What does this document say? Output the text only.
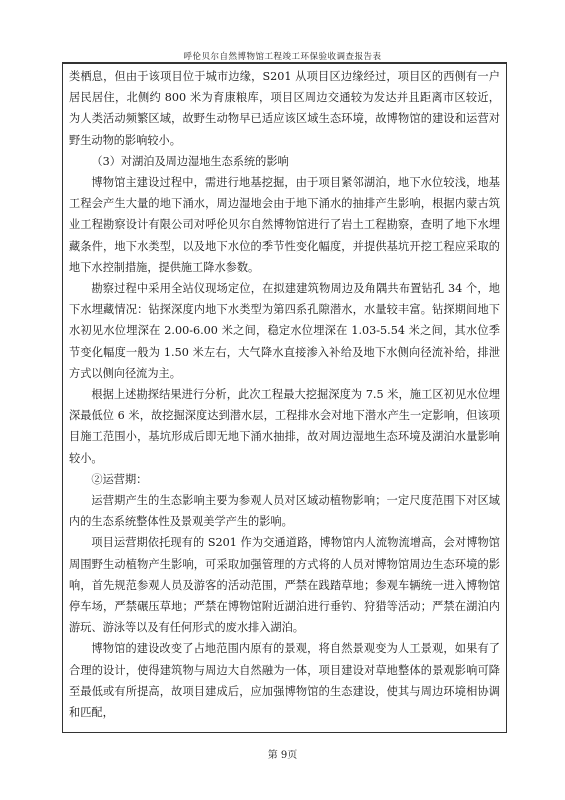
呼伦贝尔自然博物馆工程竣工环保验收调查报告表

类栖息，但由于该项目位于城市边缘，S201 从项目区边缘经过，项目区的西侧有一户居民居住，北侧约 800 米为育康粮库，项目区周边交通较为发达并且距离市区较近，为人类活动频繁区域，故野生动物早已适应该区域生态环境，故博物馆的建设和运营对野生动物的影响较小。

（3）对湖泊及周边湿地生态系统的影响

博物馆主建设过程中，需进行地基挖掘，由于项目紧邻湖泊，地下水位较浅，地基工程会产生大量的地下涌水，周边湿地会由于地下涌水的抽排产生影响，根据内蒙古筑业工程勘察设计有限公司对呼伦贝尔自然博物馆进行了岩土工程勘察，查明了地下水埋藏条件，地下水类型，以及地下水位的季节性变化幅度，并提供基坑开挖工程应采取的地下水控制措施，提供施工降水参数。

勘察过程中采用全站仪现场定位，在拟建建筑物周边及角隅共布置钻孔 34 个，地下水埋藏情况：钻探深度内地下水类型为第四系孔隙潜水，水量较丰富。钻探期间地下水初见水位埋深在 2.00-6.00 米之间，稳定水位埋深在 1.03-5.54 米之间，其水位季节变化幅度一般为 1.50 米左右，大气降水直接渗入补给及地下水侧向径流补给，排泄方式以侧向径流为主。

根据上述勘探结果进行分析，此次工程最大挖掘深度为 7.5 米，施工区初见水位埋深最低位 6 米，故挖掘深度达到潜水层，工程排水会对地下潜水产生一定影响，但该项目施工范围小，基坑形成后即无地下涌水抽排，故对周边湿地生态环境及湖泊水量影响较小。

②运营期：

运营期产生的生态影响主要为参观人员对区域动植物影响；一定尺度范围下对区域内的生态系统整体性及景观美学产生的影响。

项目运营期依托现有的 S201 作为交通道路，博物馆内人流物流增高，会对博物馆周围野生动植物产生影响，可采取加强管理的方式将的人员对博物馆周边生态环境的影响，首先规范参观人员及游客的活动范围，严禁在践踏草地；参观车辆统一进入博物馆停车场，严禁碾压草地；严禁在博物馆附近湖泊进行垂钓、狩猎等活动；严禁在湖泊内游玩、游泳等以及有任何形式的废水排入湖泊。

博物馆的建设改变了占地范围内原有的景观，将自然景观变为人工景观，如果有了合理的设计，使得建筑物与周边大自然融为一体，项目建设对草地整体的景观影响可降至最低或有所提高，故项目建成后，应加强博物馆的生态建设，使其与周边环境相协调和匹配，

第 9页
